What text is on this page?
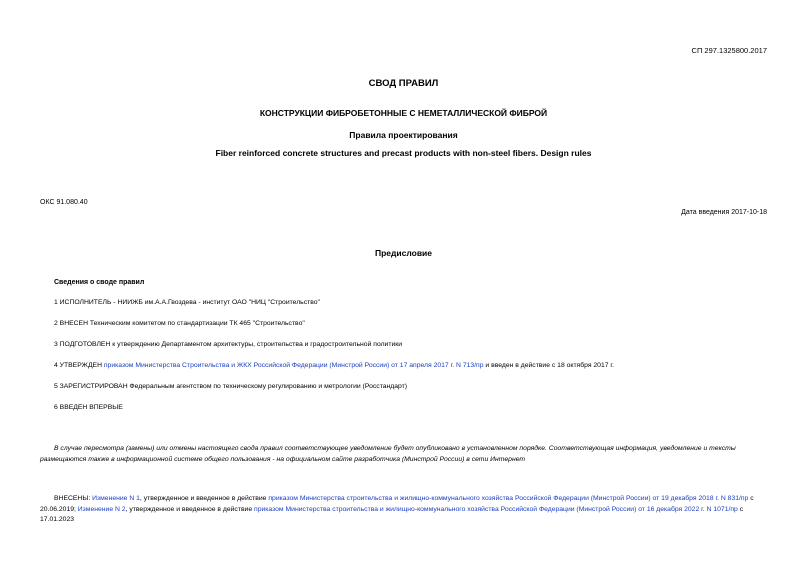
СП 297.1325800.2017
СВОД ПРАВИЛ
КОНСТРУКЦИИ ФИБРОБЕТОННЫЕ С НЕМЕТАЛЛИЧЕСКОЙ ФИБРОЙ
Правила проектирования
Fiber reinforced concrete structures and precast products with non-steel fibers. Design rules
ОКС 91.080.40
Дата введения 2017-10-18
Предисловие
Сведения о своде правил
1 ИСПОЛНИТЕЛЬ - НИИЖБ им.А.А.Гвоздева - институт ОАО "НИЦ "Строительство"
2 ВНЕСЕН Техническим комитетом по стандартизации ТК 465 "Строительство"
3 ПОДГОТОВЛЕН к утверждению Департаментом архитектуры, строительства и градостроительной политики
4 УТВЕРЖДЕН приказом Министерства Строительства и ЖКХ Российской Федерации (Минстрой России) от 17 апреля 2017 г. N 713/пр и введен в действие с 18 октября 2017 г.
5 ЗАРЕГИСТРИРОВАН Федеральным агентством по техническому регулированию и метрологии (Росстандарт)
6 ВВЕДЕН ВПЕРВЫЕ
В случае пересмотра (замены) или отмены настоящего свода правил соответствующее уведомление будет опубликовано в установленном порядке. Соответствующая информация, уведомление и тексты размещаются также в информационной системе общего пользования - на официальном сайте разработчика (Минстрой России) в сети Интернет
ВНЕСЕНЫ: Изменение N 1, утвержденное и введенное в действие приказом Министерства строительства и жилищно-коммунального хозяйства Российской Федерации (Минстрой России) от 19 декабря 2018 г. N 831/пр с 20.06.2019; Изменение N 2, утвержденное и введенное в действие приказом Министерства строительства и жилищно-коммунального хозяйства Российской Федерации (Минстрой России) от 16 декабря 2022 г. N 1071/пр с 17.01.2023
